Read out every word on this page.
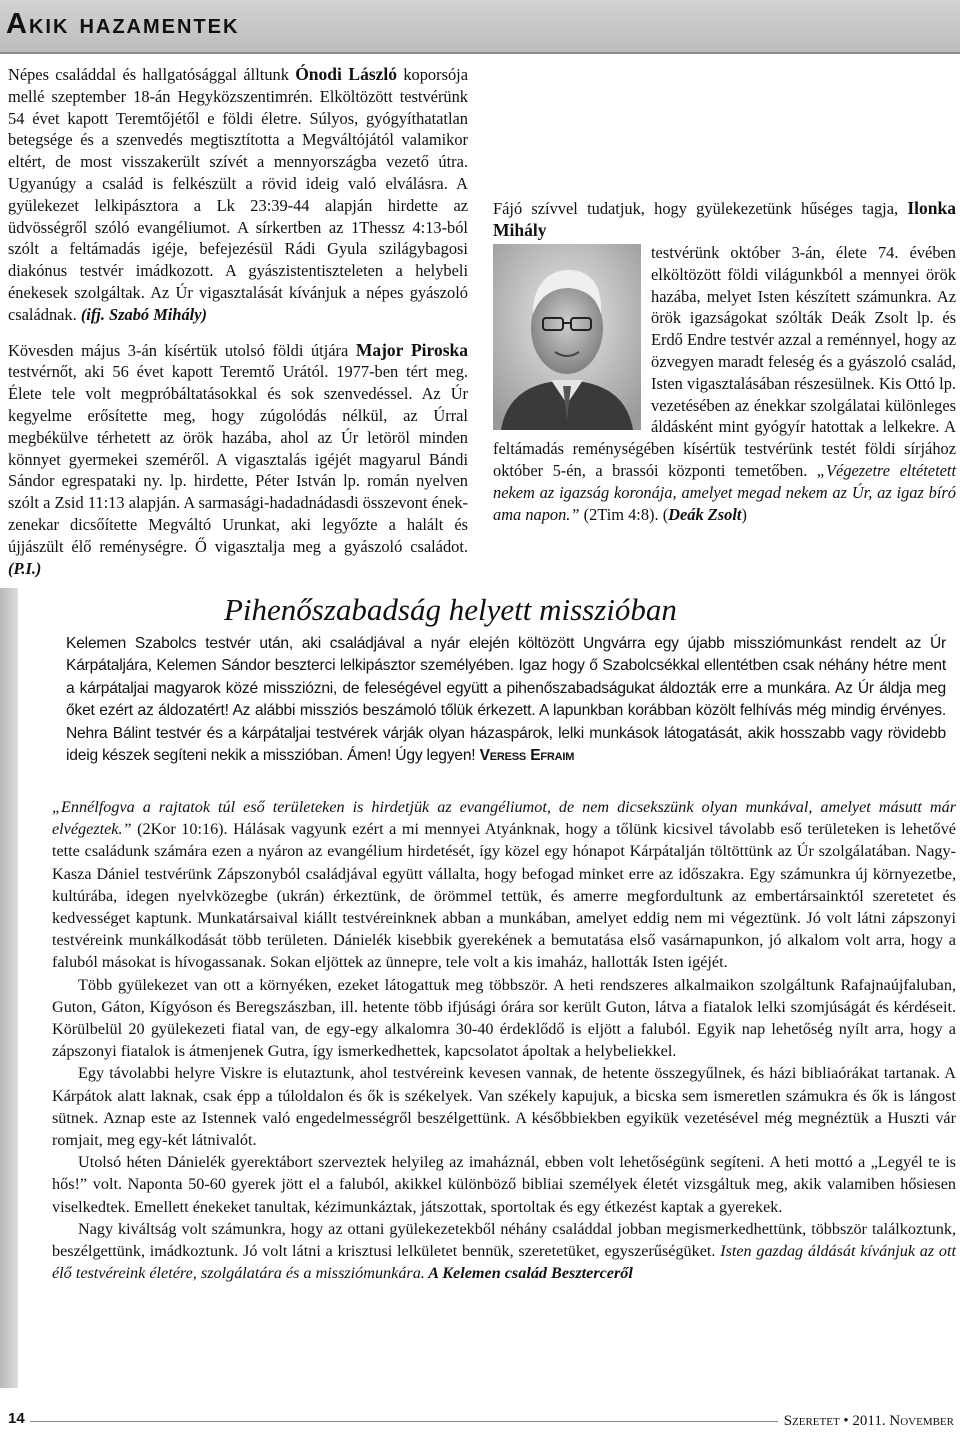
Akik hazamentek

Népes családdal és hallgatósággal álltunk Ónodi László koporsója mellé szeptember 18-án Hegyközszentimrén. Elköltözött testvérünk 54 évet kapott Teremtőjétől e földi életre. Súlyos, gyógyíthatatlan betegsége és a szenvedés megtisztította a Megváltójától valamikor eltért, de most visszakerült szívét a mennyországba vezető útra. Ugyanúgy a család is felkészült a rövid ideig való elválásra. A gyülekezet lelkipásztora a Lk 23:39-44 alapján hirdette az üdvösségről szóló evangéliumot. A sírkertben az 1Thessz 4:13-ból szólt a feltámadás igéje, befejezésül Rádi Gyula szilágybagosi diakónus testvér imádkozott. A gyászistentiszteleten a helybeli énekesek szolgáltak. Az Úr vigasztalását kívánjuk a népes gyászoló családnak. (ifj. Szabó Mihály)

Kövesden május 3-án kísértük utolsó földi útjára Major Piroska testvérnőt, aki 56 évet kapott Teremtő Urától. 1977-ben tért meg. Élete tele volt megpróbáltatásokkal és sok szenvedéssel. Az Úr kegyelme erősítette meg, hogy zúgolódás nélkül, az Úrral megbékülve térhetett az örök hazába, ahol az Úr letöröl minden könnyet gyermekei szeméről. A vigasztalás igéjét magyarul Bándi Sándor egrespataki ny. lp. hirdette, Péter István lp. román nyelven szólt a Zsid 11:13 alapján. A sarmasági-hadadnádasdi összevont ének-zenekar dicsőítette Megváltó Urunkat, aki legyőzte a halált és újjászült élő reménységre. Ő vigasztalja meg a gyászoló családot. (P.I.)

Fájó szívvel tudatjuk, hogy gyülekezetünk hűséges tagja, Ilonka Mihály

testvérünk október 3-án, élete 74. évében elköltözött földi világunkból a mennyei örök hazába, melyet Isten készített számunkra. Az örök igazságokat szólták Deák Zsolt lp. és Erdő Endre testvér azzal a reménnyel, hogy az özvegyen maradt feleség és a gyászoló család, Isten vigasztalásában részesülnek. Kis Ottó lp. vezetésében az énekkar szolgálatai különleges áldásként mint gyógyír hatottak a lelkekre. A feltámadás reménységében kísértük testvérünk testét földi sírjához október 5-én, a brassói központi temetőben. „Végezetre eltétetett nekem az igazság koronája, amelyet megad nekem az Úr, az igaz bíró ama napon.” (2Tim 4:8). (Deák Zsolt)

Pihenőszabadság helyett misszióban
Kelemen Szabolcs testvér után, aki családjával a nyár elején költözött Ungvárra egy újabb missziómunkást rendelt az Úr Kárpátaljára, Kelemen Sándor beszterci lelkipásztor személyében. Igaz hogy ő Szabolcsékkal ellentétben csak néhány hétre ment a kárpátaljai magyarok közé missziózni, de feleségével együtt a pihenőszabadságukat áldozták erre a munkára. Az Úr áldja meg őket ezért az áldozatért! Az alábbi missziós beszámoló tőlük érkezett. A lapunkban korábban közölt felhívás még mindig érvényes. Nehra Bálint testvér és a kárpátaljai testvérek várják olyan házaspárok, lelki munkások látogatását, akik hosszabb vagy rövidebb ideig készek segíteni nekik a misszióban. Ámen! Úgy legyen! Veress Efraim

„Ennélfogva a rajtatok túl eső területeken is hirdetjük az evangéliumot, de nem dicsekszünk olyan munkával, amelyet másutt már elvégeztek.” (2Kor 10:16). Hálásak vagyunk ezért a mi mennyei Atyánknak, hogy a tőlünk kicsivel távolabb eső területeken is lehetővé tette családunk számára ezen a nyáron az evangélium hirdetését, így közel egy hónapot Kárpátalján töltöttünk az Úr szolgálatában. Nagy-Kasza Dániel testvérünk Zápszonyból családjával együtt vállalta, hogy befogad minket erre az időszakra. Egy számunkra új környezetbe, kultúrába, idegen nyelvközegbe (ukrán) érkeztünk, de örömmel tettük, és amerre megfordultunk az embertársainktól szeretetet és kedvességet kaptunk. Munkatársaival kiállt testvéreinknek abban a munkában, amelyet eddig nem mi végeztünk. Jó volt látni zápszonyi testvéreink munkálkodását több területen. Dánielék kisebbik gyerekének a bemutatása első vasárnapunkon, jó alkalom volt arra, hogy a faluból másokat is hívogassanak. Sokan eljöttek az ünnepre, tele volt a kis imaház, hallották Isten igéjét.

Több gyülekezet van ott a környéken, ezeket látogattuk meg többször. A heti rendszeres alkalmaikon szolgáltunk Rafajnaújfaluban, Guton, Gáton, Kígyóson és Beregszászban, ill. hetente több ifjúsági órára sor került Guton, látva a fiatalok lelki szomjúságát és kérdéseit. Körülbelül 20 gyülekezeti fiatal van, de egy-egy alkalomra 30-40 érdeklődő is eljött a faluból. Egyik nap lehetőség nyílt arra, hogy a zápszonyi fiatalok is átmenjenek Gutra, így ismerkedhettek, kapcsolatot ápoltak a helybeliekkel.

Egy távolabbi helyre Viskre is elutaztunk, ahol testvéreink kevesen vannak, de hetente összegyűlnek, és házi bibliaórákat tartanak. A Kárpátok alatt laknak, csak épp a túloldalon és ők is székelyek. Van székely kapujuk, a bicska sem ismeretlen számukra és ők is lángost sütnek. Aznap este az Istennek való engedelmességről beszélgettünk. A későbbiekben egyikük vezetésével még megnéztük a Huszti vár romjait, meg egy-két látnivalót.

Utolsó héten Dánielék gyerektábort szerveztek helyileg az imaháznál, ebben volt lehetőségünk segíteni. A heti mottó a „Legyél te is hős!” volt. Naponta 50-60 gyerek jött el a faluból, akikkel különböző bibliai személyek életét vizsgáltuk meg, akik valamiben hősiesen viselkedtek. Emellett énekeket tanultak, kézimunkáztak, játszottak, sportoltak és egy étkezést kaptak a gyerekek.

Nagy kiváltság volt számunkra, hogy az ottani gyülekezetekből néhány családdal jobban megismerkedhettünk, többször találkoztunk, beszélgettünk, imádkoztunk. Jó volt látni a krisztusi lelkületet bennük, szeretetüket, egyszerűségüket. Isten gazdag áldását kívánjuk az ott élő testvéreink életére, szolgálatára és a missziómunkára. A Kelemen család Beszterceről

14	Szeretet • 2011. November
